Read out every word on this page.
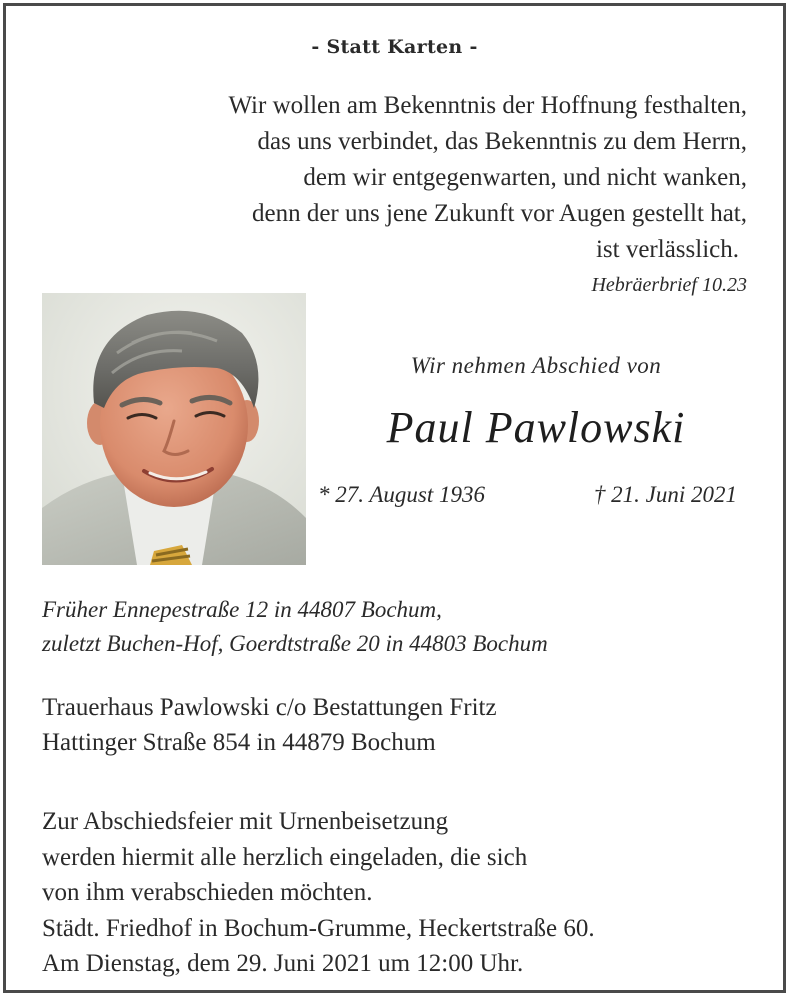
- Statt Karten -
Wir wollen am Bekenntnis der Hoffnung festhalten,
das uns verbindet, das Bekenntnis zu dem Herrn,
dem wir entgegenwarten, und nicht wanken,
denn der uns jene Zukunft vor Augen gestellt hat,
ist verlässlich.
Hebräerbrief 10.23
Wir nehmen Abschied von
Paul Pawlowski
* 27. August 1936	† 21. Juni 2021
Früher Ennepestraße 12 in 44807 Bochum,
zuletzt Buchen-Hof, Goerdtstraße 20 in 44803 Bochum
Trauerhaus Pawlowski c/o Bestattungen Fritz
Hattinger Straße 854 in 44879 Bochum
Zur Abschiedsfeier mit Urnenbeisetzung
werden hiermit alle herzlich eingeladen, die sich
von ihm verabschieden möchten.
Städt. Friedhof in Bochum-Grumme, Heckertstraße 60.
Am Dienstag, dem 29. Juni 2021 um 12:00 Uhr.
